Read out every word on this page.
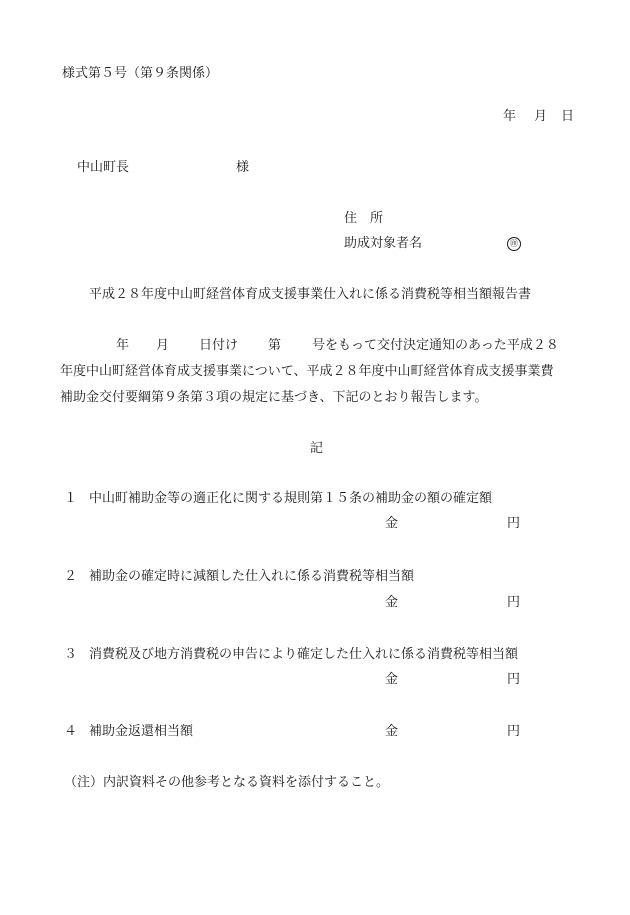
様式第５号（第９条関係）
年 月 日
中山町長	様
住　所
助成対象者名	㊞
平成２８年度中山町経営体育成支援事業仕入れに係る消費税等相当額報告書
年 月 日付け 第 号をもって交付決定通知のあった平成２８
年度中山町経営体育成支援事業について、平成２８年度中山町経営体育成支援事業費
補助金交付要綱第９条第３項の規定に基づき、下記のとおり報告します。
記
１ 中山町補助金等の適正化に関する規則第１５条の補助金の額の確定額
金	円
２ 補助金の確定時に減額した仕入れに係る消費税等相当額
金	円
３ 消費税及び地方消費税の申告により確定した仕入れに係る消費税等相当額
金	円
４ 補助金返還相当額	金	円
（注）内訳資料その他参考となる資料を添付すること。
